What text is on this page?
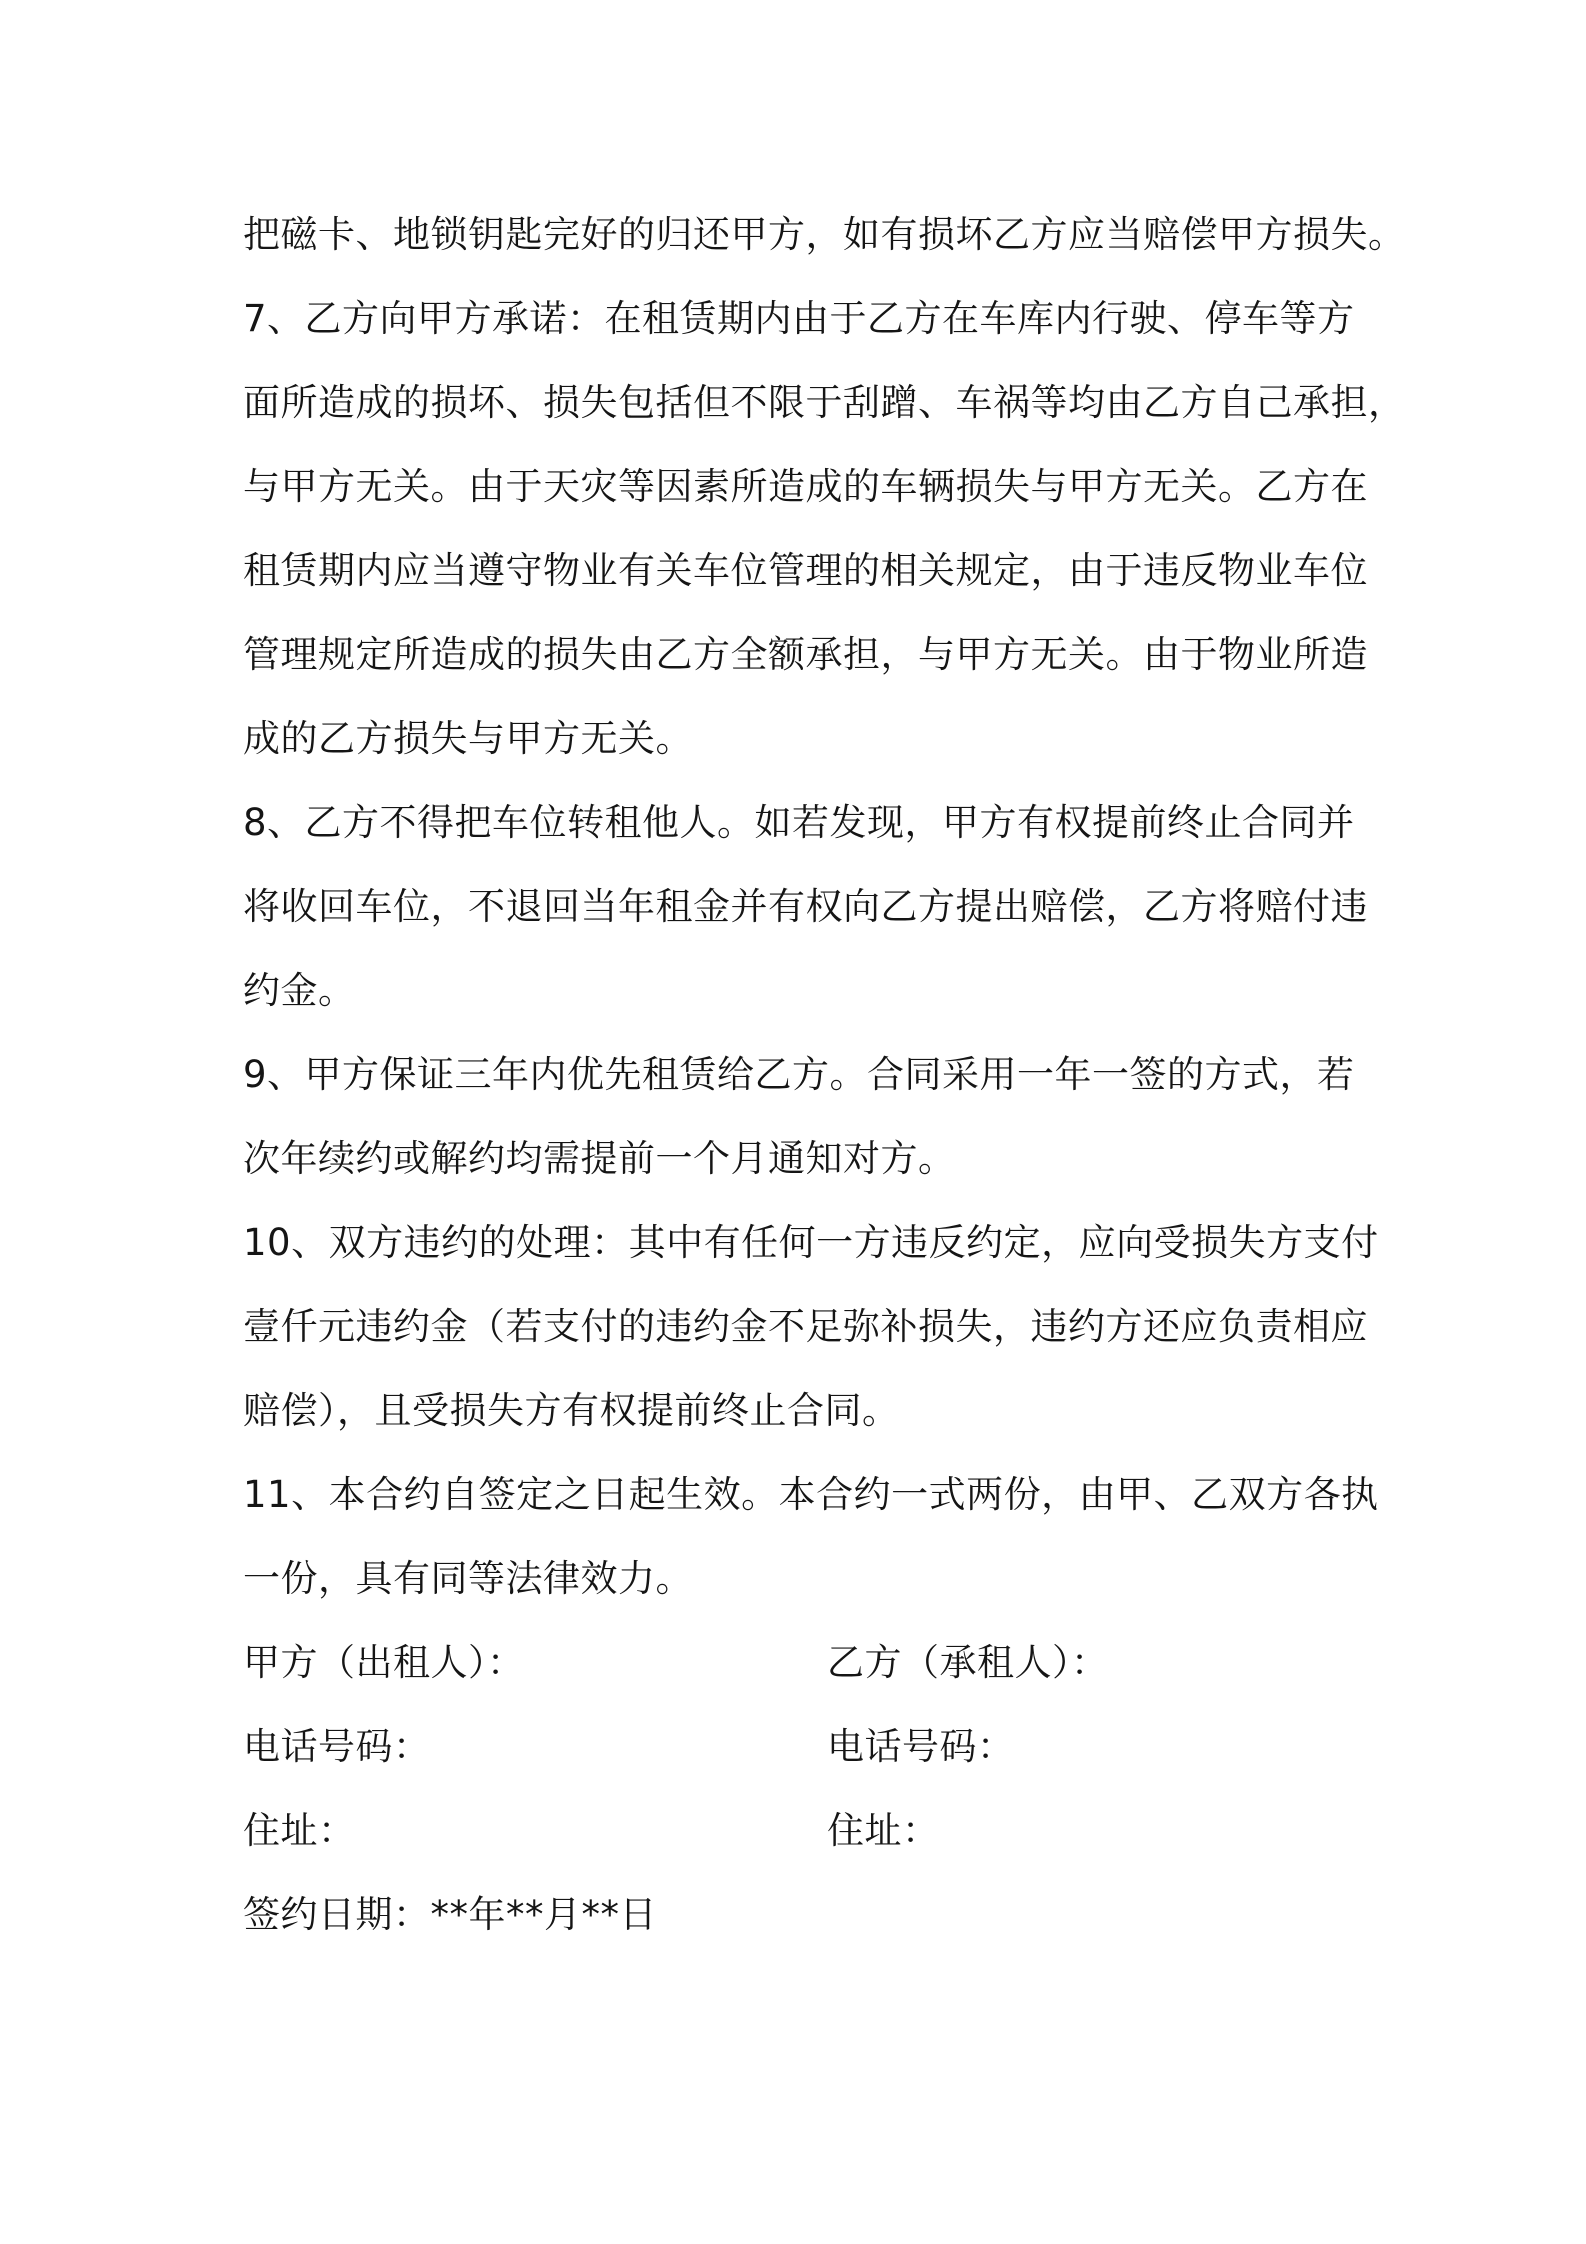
把磁卡、地锁钥匙完好的归还甲方，如有损坏乙方应当赔偿甲方损失。
7、乙方向甲方承诺：在租赁期内由于乙方在车库内行驶、停车等方
面所造成的损坏、损失包括但不限于刮蹭、车祸等均由乙方自己承担，
与甲方无关。由于天灾等因素所造成的车辆损失与甲方无关。乙方在
租赁期内应当遵守物业有关车位管理的相关规定，由于违反物业车位
管理规定所造成的损失由乙方全额承担，与甲方无关。由于物业所造
成的乙方损失与甲方无关。
8、乙方不得把车位转租他人。如若发现，甲方有权提前终止合同并
将收回车位，不退回当年租金并有权向乙方提出赔偿，乙方将赔付违
约金。
9、甲方保证三年内优先租赁给乙方。合同采用一年一签的方式，若
次年续约或解约均需提前一个月通知对方。
10、双方违约的处理：其中有任何一方违反约定，应向受损失方支付
壹仟元违约金（若支付的违约金不足弥补损失，违约方还应负责相应
赔偿），且受损失方有权提前终止合同。
11、本合约自签定之日起生效。本合约一式两份，由甲、乙双方各执
一份，具有同等法律效力。
甲方（出租人）：	乙方（承租人）：
电话号码：	电话号码：
住址：	住址：
签约日期：**年**月**日
